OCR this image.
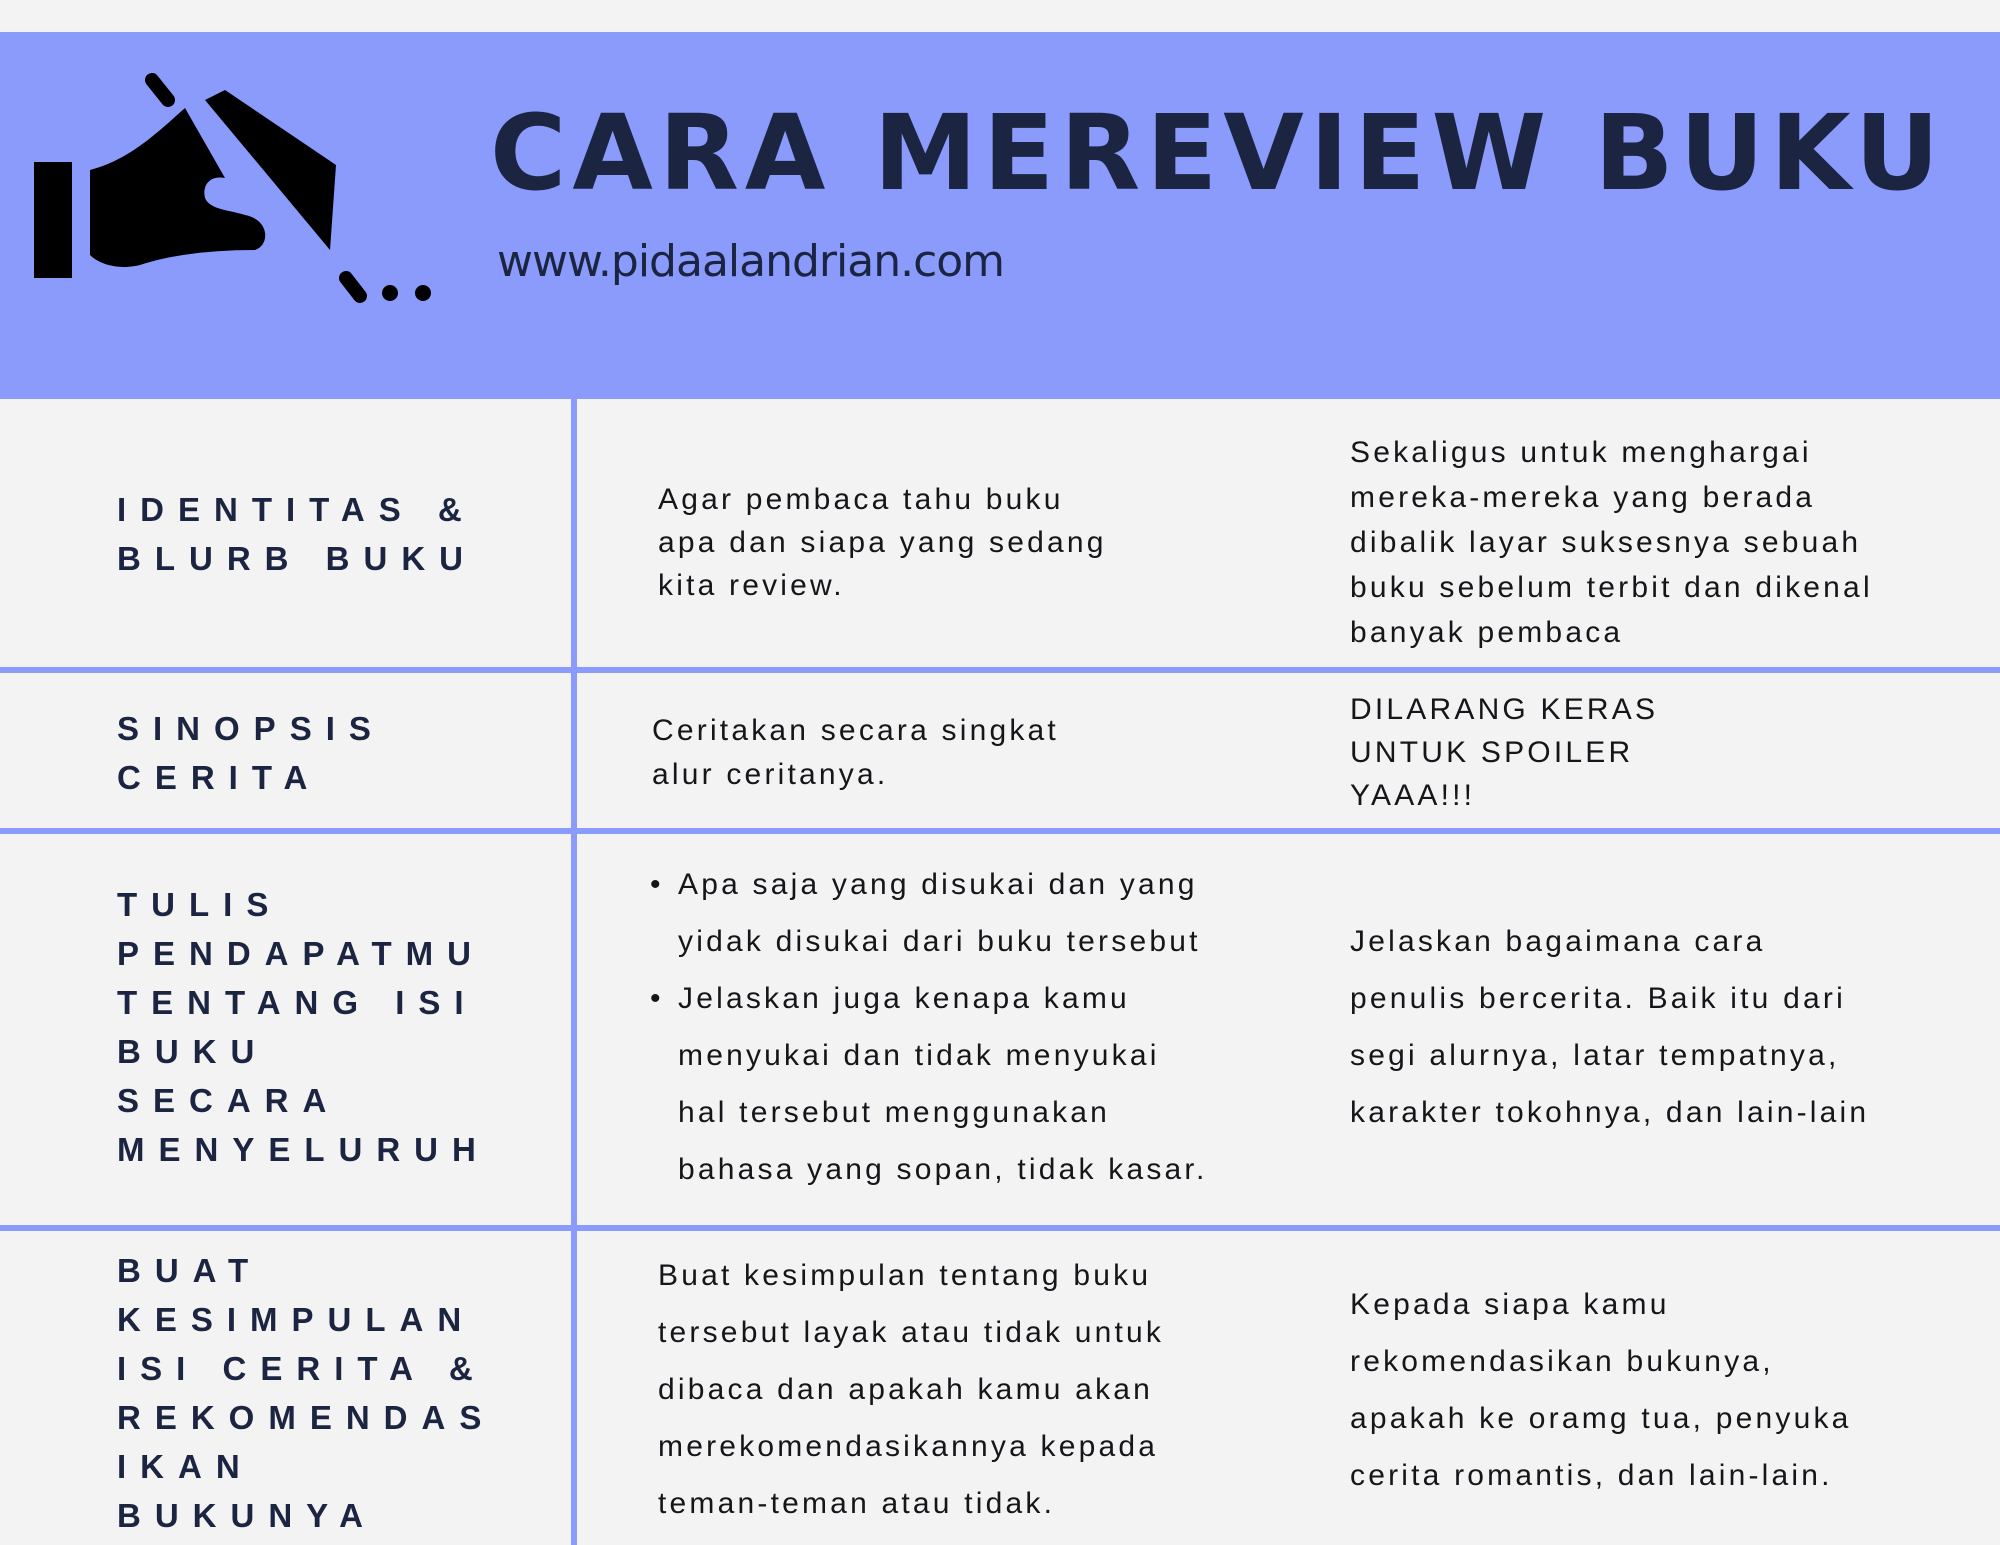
CARA MEREVIEW BUKU
www.pidaalandrian.com
IDENTITAS &
BLURB BUKU
Agar pembaca tahu buku
apa dan siapa yang sedang
kita review.
Sekaligus untuk menghargai
mereka-mereka yang berada
dibalik layar suksesnya sebuah
buku sebelum terbit dan dikenal
banyak pembaca
SINOPSIS
CERITA
Ceritakan secara singkat
alur ceritanya.
DILARANG KERAS
UNTUK SPOILER
YAAA!!!
TULIS
PENDAPATMU
TENTANG ISI
BUKU
SECARA
MENYELURUH
• Apa saja yang disukai dan yang
yidak disukai dari buku tersebut
• Jelaskan juga kenapa kamu
menyukai dan tidak menyukai
hal tersebut menggunakan
bahasa yang sopan, tidak kasar.
Jelaskan bagaimana cara
penulis bercerita. Baik itu dari
segi alurnya, latar tempatnya,
karakter tokohnya, dan lain-lain
BUAT
KESIMPULAN
ISI CERITA &
REKOMENDAS
IKAN
BUKUNYA
Buat kesimpulan tentang buku
tersebut layak atau tidak untuk
dibaca dan apakah kamu akan
merekomendasikannya kepada
teman-teman atau tidak.
Kepada siapa kamu
rekomendasikan bukunya,
apakah ke oramg tua, penyuka
cerita romantis, dan lain-lain.
